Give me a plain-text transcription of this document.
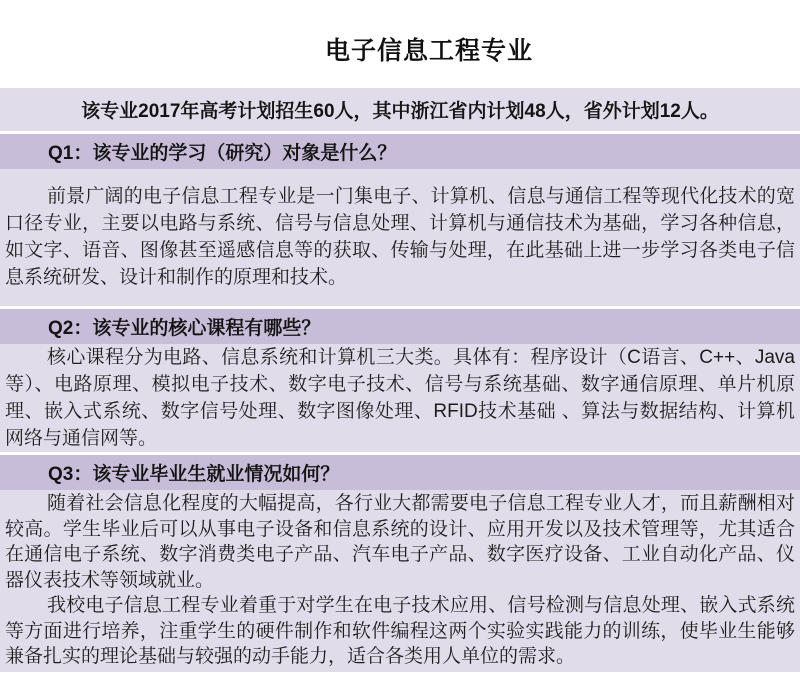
电子信息工程专业
该专业2017年高考计划招生60人，其中浙江省内计划48人，省外计划12人。
Q1：该专业的学习（研究）对象是什么？

前景广阔的电子信息工程专业是一门集电子、计算机、信息与通信工程等现代化技术的宽口径专业，主要以电路与系统、信号与信息处理、计算机与通信技术为基础，学习各种信息，如文字、语音、图像甚至遥感信息等的获取、传输与处理，在此基础上进一步学习各类电子信息系统研发、设计和制作的原理和技术。

Q2：该专业的核心课程有哪些？

核心课程分为电路、信息系统和计算机三大类。具体有：程序设计（C语言、C++、Java等）、电路原理、模拟电子技术、数字电子技术、信号与系统基础、数字通信原理、单片机原理、嵌入式系统、数字信号处理、数字图像处理、RFID技术基础 、算法与数据结构、计算机网络与通信网等。

Q3：该专业毕业生就业情况如何？

随着社会信息化程度的大幅提高，各行业大都需要电子信息工程专业人才，而且薪酬相对较高。学生毕业后可以从事电子设备和信息系统的设计、应用开发以及技术管理等，尤其适合在通信电子系统、数字消费类电子产品、汽车电子产品、数字医疗设备、工业自动化产品、仪器仪表技术等领域就业。

我校电子信息工程专业着重于对学生在电子技术应用、信号检测与信息处理、嵌入式系统等方面进行培养，注重学生的硬件制作和软件编程这两个实验实践能力的训练，使毕业生能够兼备扎实的理论基础与较强的动手能力，适合各类用人单位的需求。
